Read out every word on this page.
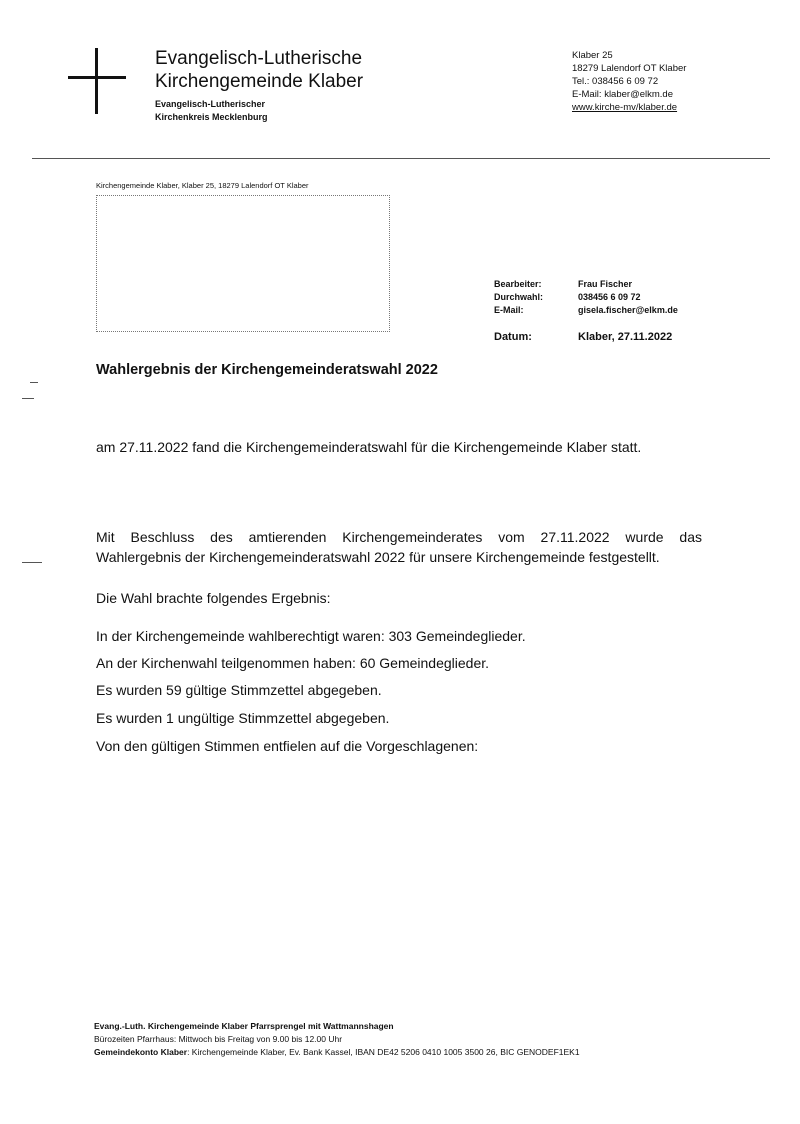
Evangelisch-Lutherische
Kirchengemeinde Klaber
Evangelisch-Lutherischer
Kirchenkreis Mecklenburg
Klaber 25
18279 Lalendorf OT Klaber
Tel.: 038456 6 09 72
E-Mail: klaber@elkm.de
www.kirche-mv/klaber.de
Kirchengemeinde Klaber, Klaber 25, 18279 Lalendorf OT Klaber
Bearbeiter:	Frau Fischer
Durchwahl:	038456 6 09 72
E-Mail:	gisela.fischer@elkm.de
Datum:	Klaber, 27.11.2022
Wahlergebnis der Kirchengemeinderatswahl 2022
am 27.11.2022 fand die Kirchengemeinderatswahl für die Kirchengemeinde Klaber statt.
Mit Beschluss des amtierenden Kirchengemeinderates vom 27.11.2022 wurde das
Wahlergebnis der Kirchengemeinderatswahl 2022 für unsere Kirchengemeinde festgestellt.
Die Wahl brachte folgendes Ergebnis:
In der Kirchengemeinde wahlberechtigt waren: 303 Gemeindeglieder.
An der Kirchenwahl teilgenommen haben: 60 Gemeindeglieder.
Es wurden 59 gültige Stimmzettel abgegeben.
Es wurden 1 ungültige Stimmzettel abgegeben.
Von den gültigen Stimmen entfielen auf die Vorgeschlagenen:
Evang.-Luth. Kirchengemeinde Klaber Pfarrsprengel mit Wattmannshagen
Bürozeiten Pfarrhaus: Mittwoch bis Freitag von 9.00 bis 12.00 Uhr
Gemeindekonto Klaber: Kirchengemeinde Klaber, Ev. Bank Kassel, IBAN DE42 5206 0410 1005 3500 26, BIC GENODEF1EK1
